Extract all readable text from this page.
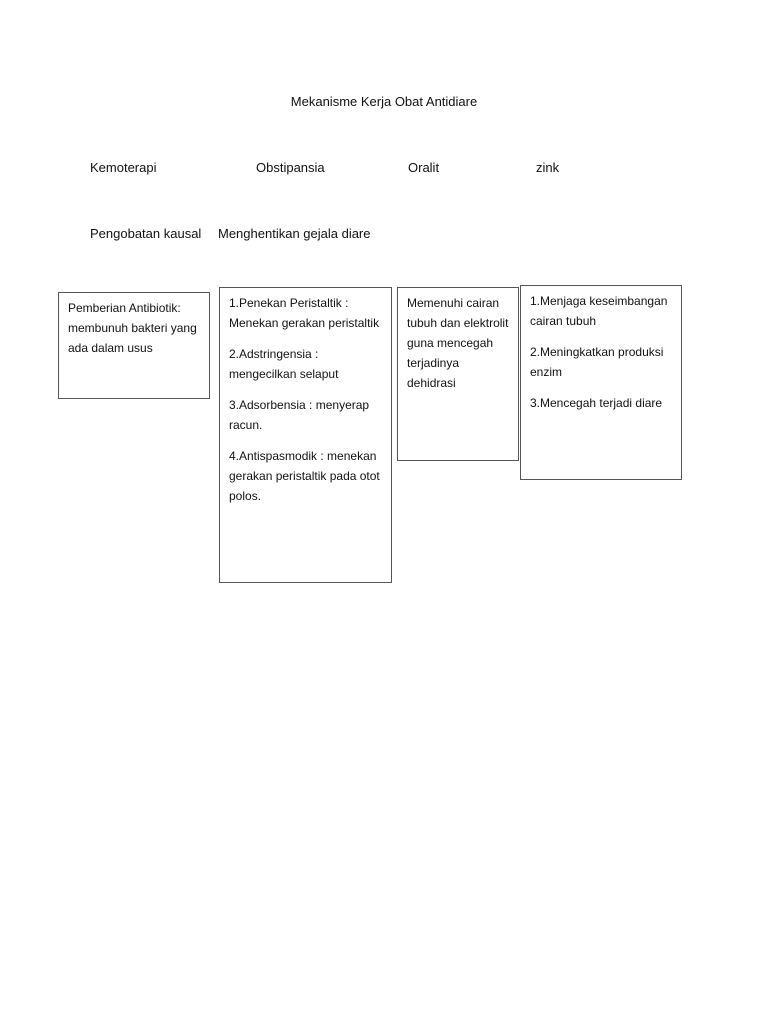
Mekanisme Kerja Obat Antidiare
Kemoterapi	Obstipansia	Oralit	zink
Pengobatan kausal Menghentikan gejala diare

Pemberian Antibiotik: membunuh bakteri yang ada dalam usus

1.Penekan Peristaltik : Menekan gerakan peristaltik

2.Adstringensia : mengecilkan selaput

3.Adsorbensia : menyerap racun.

4.Antispasmodik : menekan gerakan peristaltik pada otot polos.

Memenuhi cairan tubuh dan elektrolit guna mencegah terjadinya dehidrasi

1.Menjaga keseimbangan cairan tubuh

2.Meningkatkan produksi enzim

3.Mencegah terjadi diare
